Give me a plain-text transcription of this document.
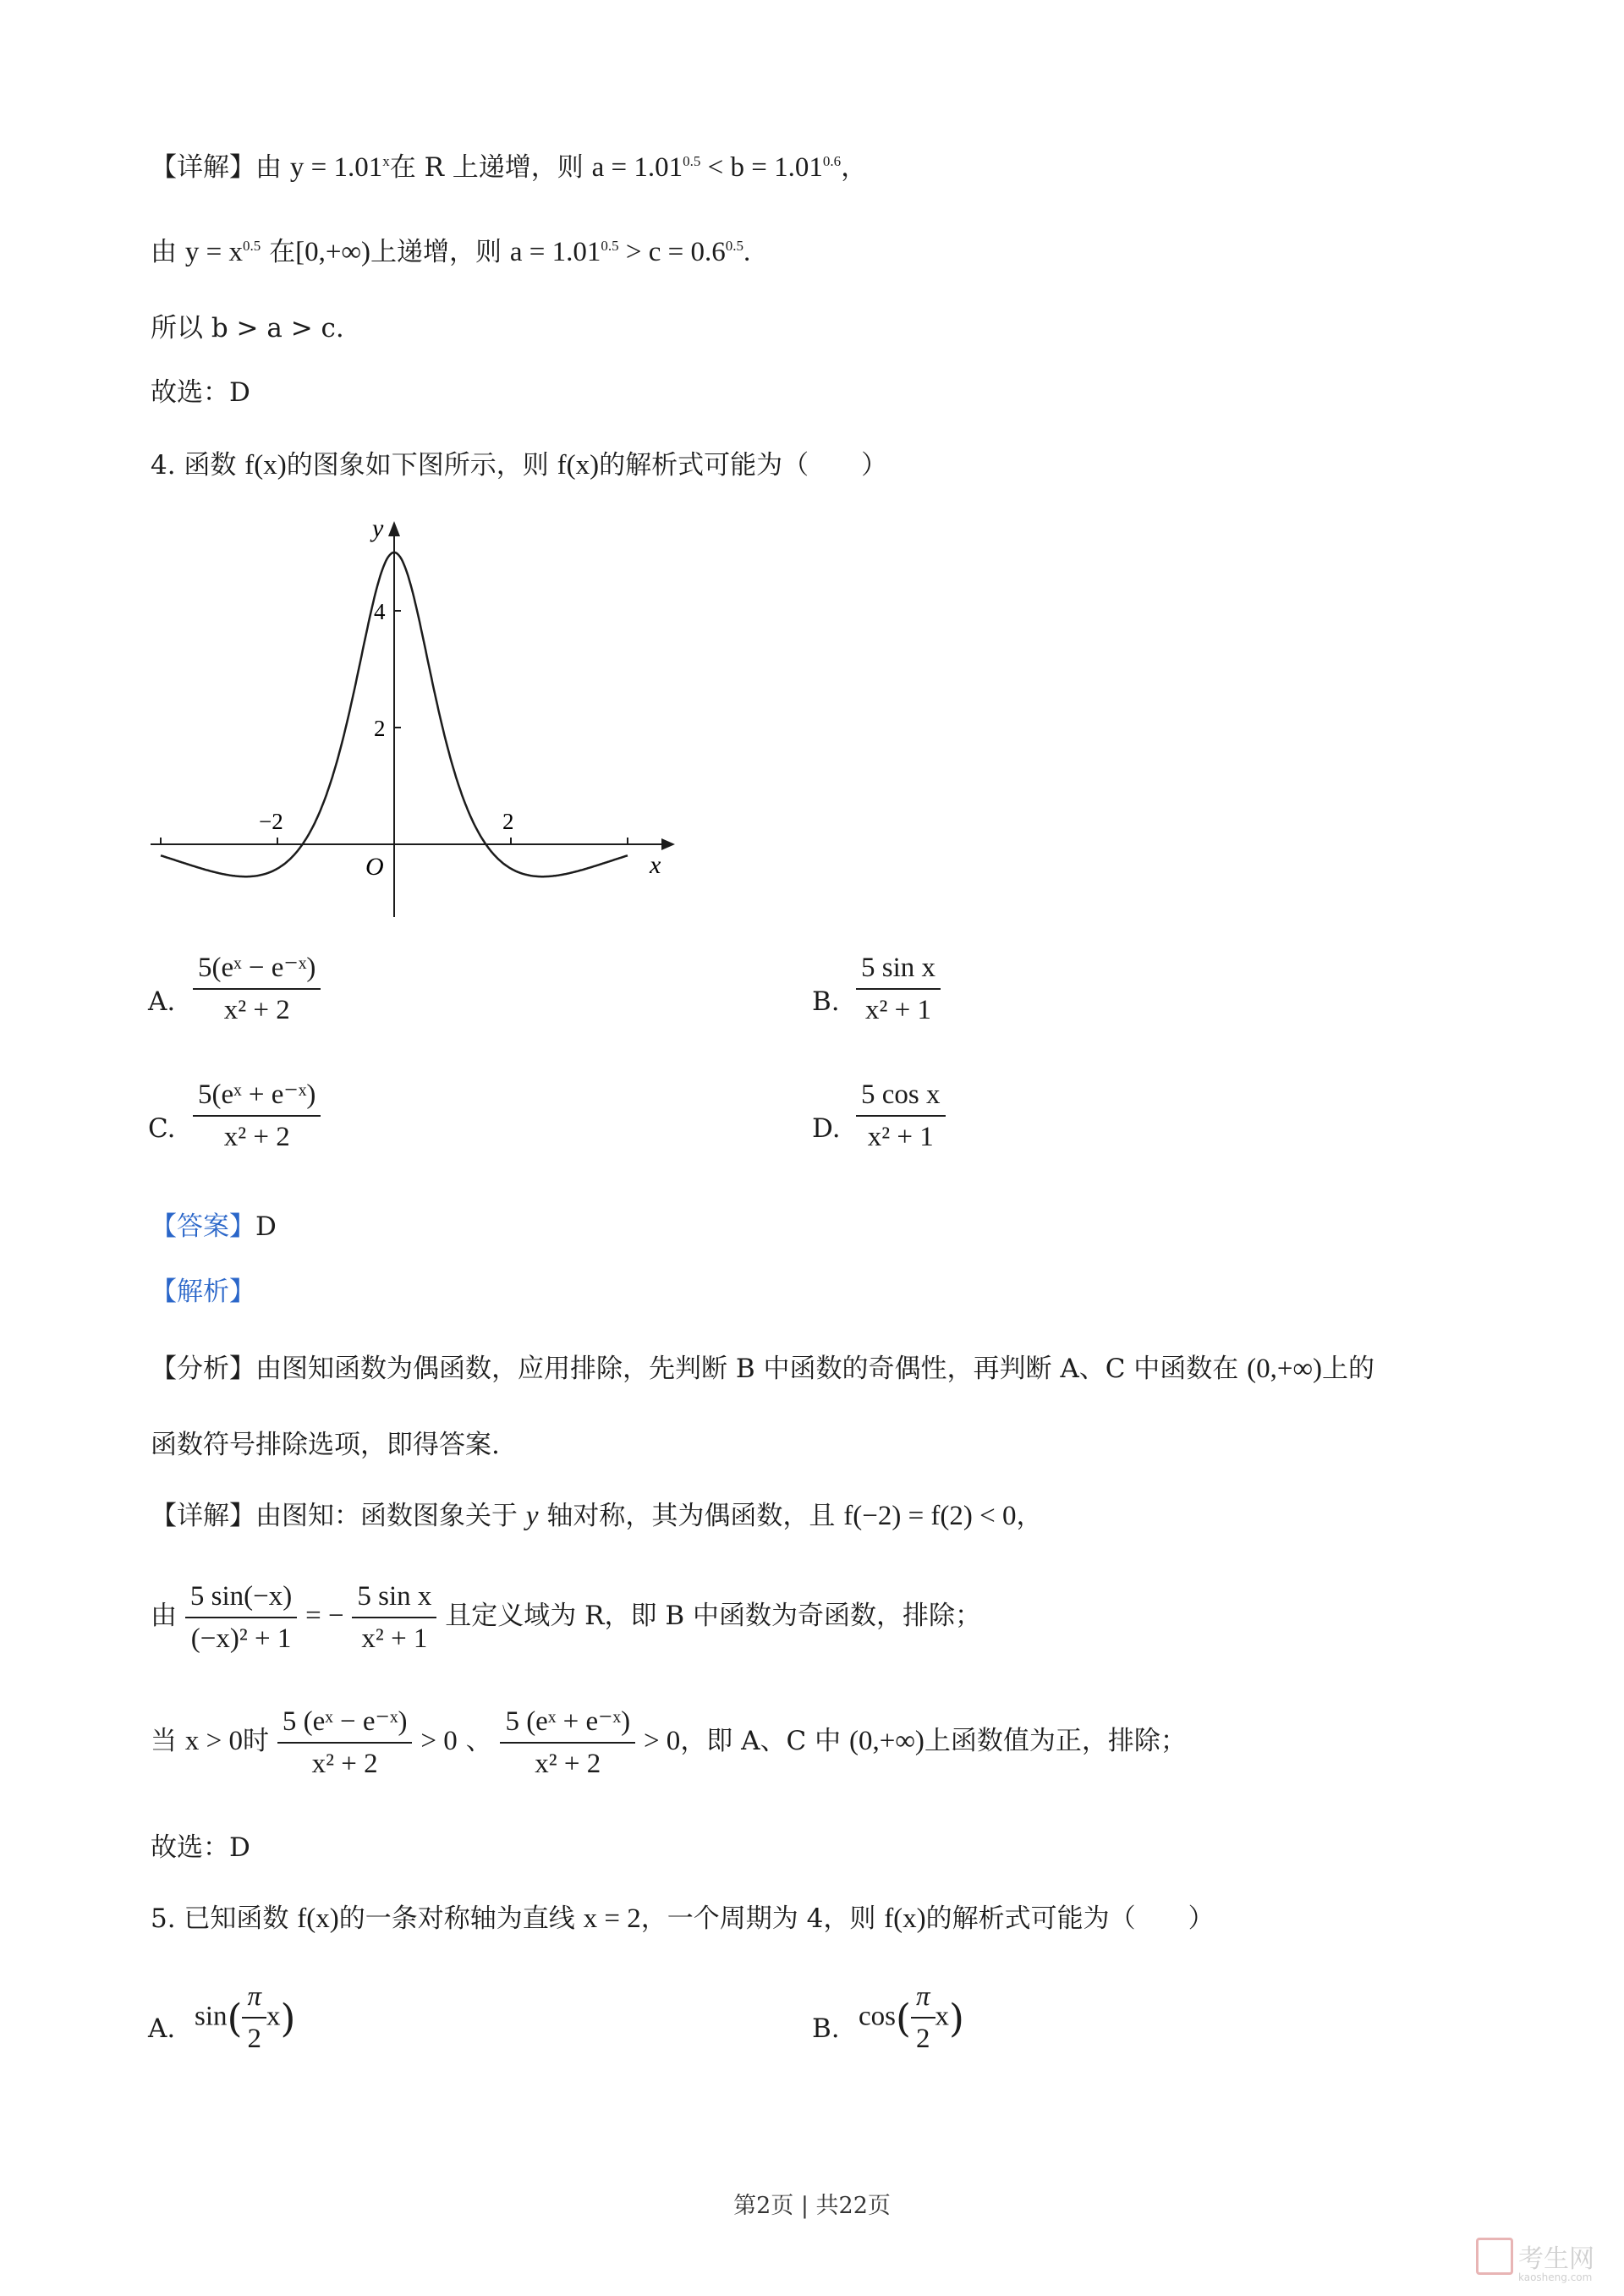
【详解】由 $y = 1.01^x$在 R 上递增，则 $a = 1.01^{0.5} < b = 1.01^{0.6}$，
由 $y = x^{0.5}$ 在[0,+∞)上递增，则 $a = 1.01^{0.5} > c = 0.6^{0.5}$.
所以 b > a > c.
故选：D
4. 函数 f(x)的图象如下图所示，则 f(x)的解析式可能为（　　）
y
x
O
4
2
−2	2
A. $\frac{\text{5(eˣ − e⁻ˣ)}}{\text{x² + 2}}$	B. $\frac{\text{5 sin x}}{\text{x² + 1}}$
C. $\frac{\text{5(eˣ + e⁻ˣ)}}{\text{x² + 2}}$	D. $\frac{\text{5 cos x}}{\text{x² + 1}}$
【答案】D
【解析】
【分析】由图知函数为偶函数，应用排除，先判断 B 中函数的奇偶性，再判断 A、C 中函数在 (0,+∞)上的
函数符号排除选项，即得答案.
【详解】由图知：函数图象关于 y 轴对称，其为偶函数，且 f(−2) = f(2) < 0，
由 $\frac{5 \sin(-x)}{\text{(−x)² + 1}}$ = − $\frac{\text{5 sin x}}{\text{x² + 1}}$ 且定义域为 R，即 B 中函数为奇函数，排除；
当 x > 0时 $\frac{\text{5 (eˣ − e⁻ˣ)}}{\text{x² + 2}} > 0$ 、 $\frac{\text{5 (eˣ + e⁻ˣ)}}{\text{x² + 2}} > 0$，即 A、C 中 (0,+∞)上函数值为正，排除；
故选：D
5. 已知函数 f(x)的一条对称轴为直线 x = 2，一个周期为 4，则 f(x)的解析式可能为（　　）
A. $\sin( \frac{\pi}{2} x)$	B. $\cos( \frac{\pi}{2} x)$
第2页 | 共22页
考生网
kaosheng.com
